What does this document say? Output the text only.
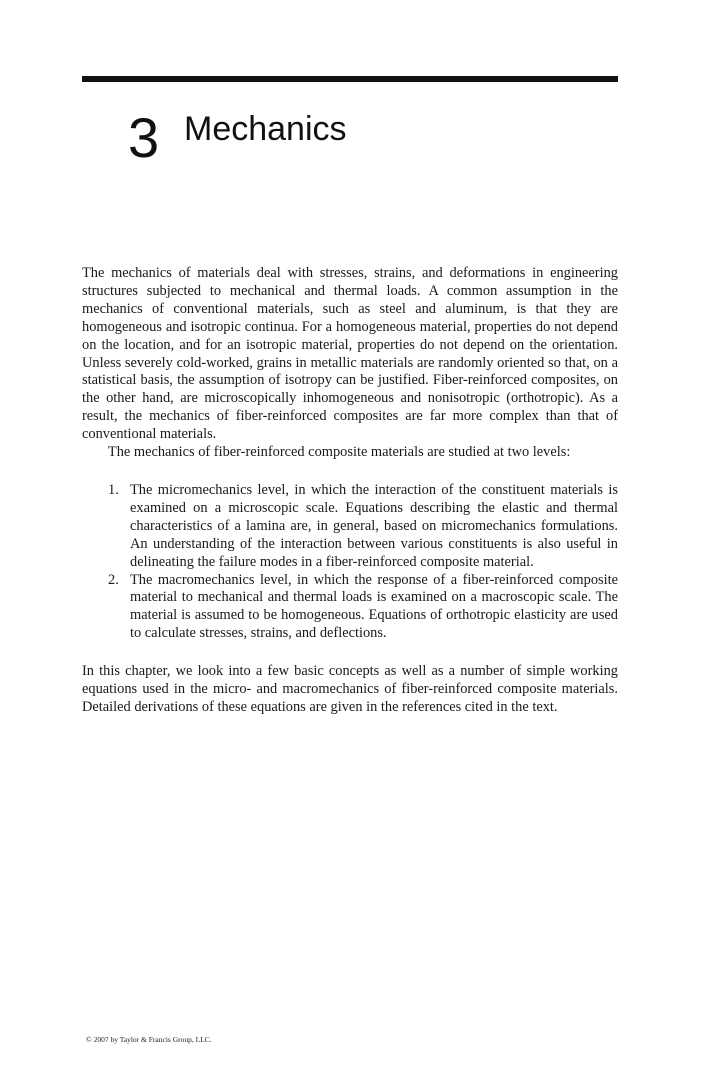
3 Mechanics

The mechanics of materials deal with stresses, strains, and deformations in engineering structures subjected to mechanical and thermal loads. A common assumption in the mechanics of conventional materials, such as steel and aluminum, is that they are homogeneous and isotropic continua. For a homogeneous material, properties do not depend on the location, and for an isotropic material, properties do not depend on the orientation. Unless severely cold-worked, grains in metallic materials are randomly oriented so that, on a statistical basis, the assumption of isotropy can be justified. Fiber-reinforced composites, on the other hand, are microscopically inhomogeneous and nonisotropic (orthotropic). As a result, the mechanics of fiber-reinforced composites are far more complex than that of conventional materials.

The mechanics of fiber-reinforced composite materials are studied at two levels:

1. The micromechanics level, in which the interaction of the constituent materials is examined on a microscopic scale. Equations describing the elastic and thermal characteristics of a lamina are, in general, based on micromechanics formulations. An understanding of the interaction between various constituents is also useful in delineating the failure modes in a fiber-reinforced composite material.
2. The macromechanics level, in which the response of a fiber-reinforced composite material to mechanical and thermal loads is examined on a macroscopic scale. The material is assumed to be homogeneous. Equations of orthotropic elasticity are used to calculate stresses, strains, and deflections.

In this chapter, we look into a few basic concepts as well as a number of simple working equations used in the micro- and macromechanics of fiber-reinforced composite materials. Detailed derivations of these equations are given in the references cited in the text.

© 2007 by Taylor & Francis Group, LLC.
